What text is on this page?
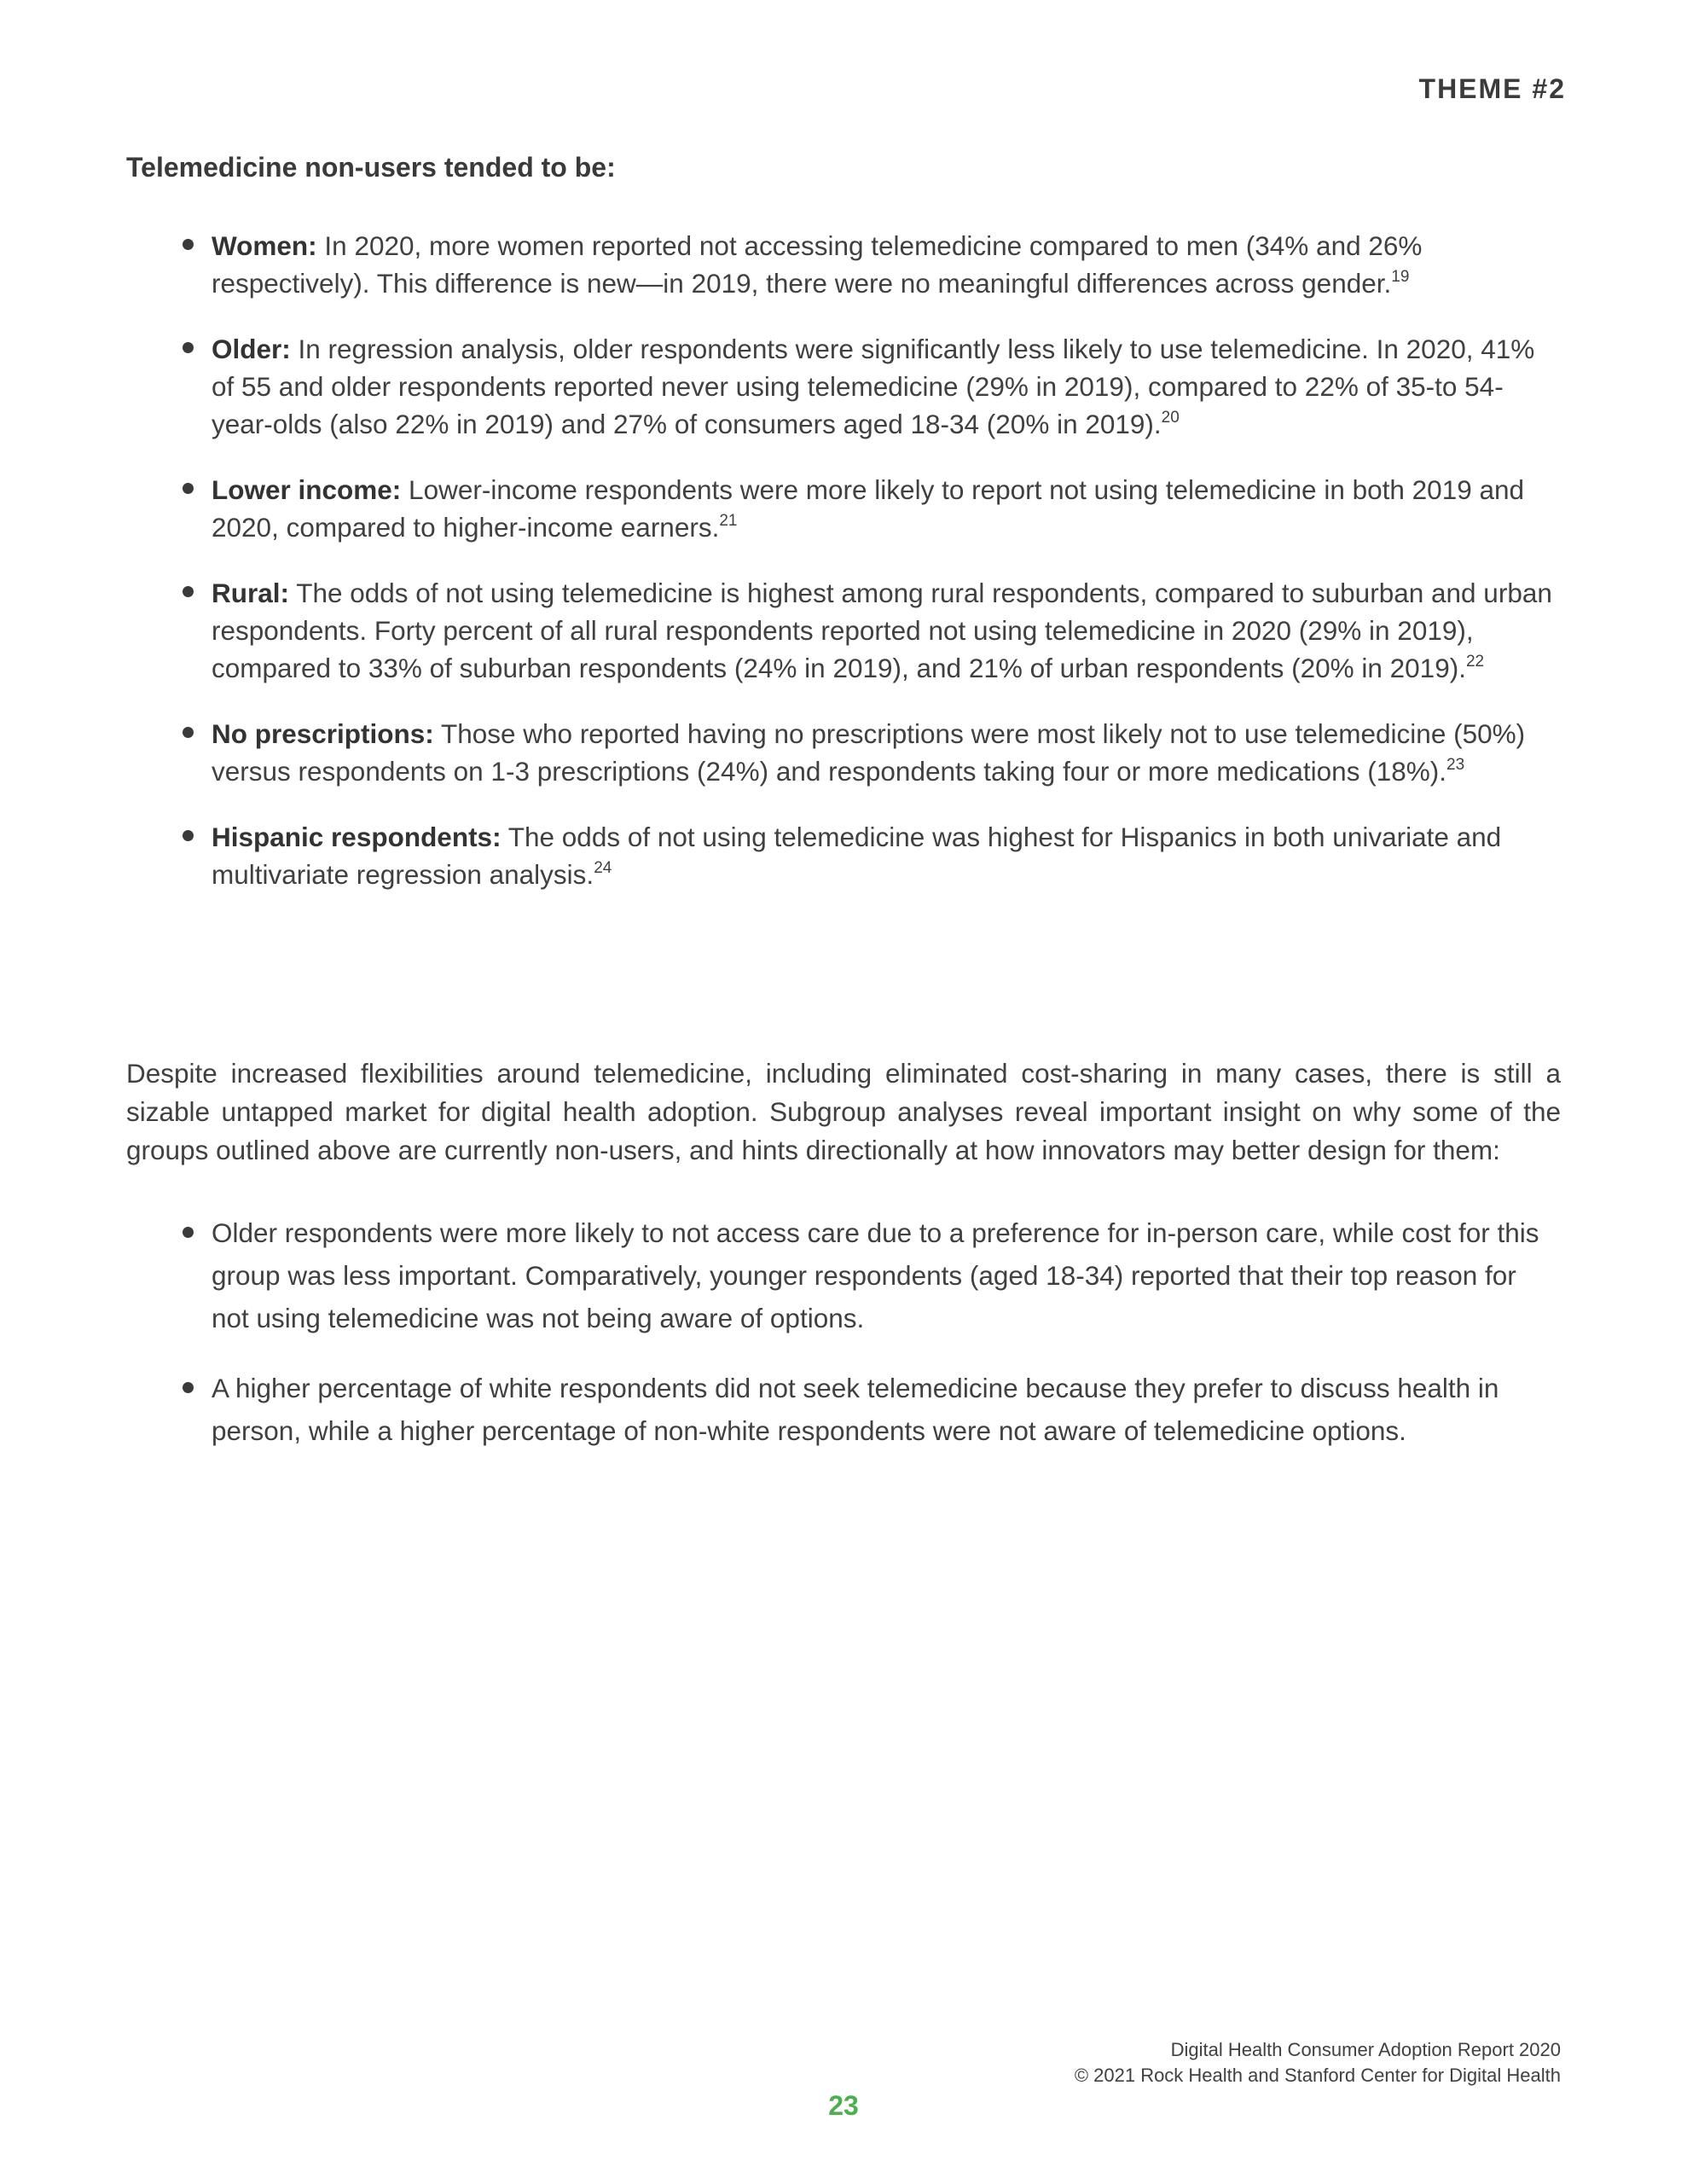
THEME #2
Telemedicine non-users tended to be:
Women: In 2020, more women reported not accessing telemedicine compared to men (34% and 26% respectively). This difference is new—in 2019, there were no meaningful differences across gender.$^{19}$
Older: In regression analysis, older respondents were significantly less likely to use telemedicine. In 2020, 41% of 55 and older respondents reported never using telemedicine (29% in 2019), compared to 22% of 35-to 54-year-olds (also 22% in 2019) and 27% of consumers aged 18-34 (20% in 2019).$^{20}$
Lower income: Lower-income respondents were more likely to report not using telemedicine in both 2019 and 2020, compared to higher-income earners.$^{21}$
Rural: The odds of not using telemedicine is highest among rural respondents, compared to suburban and urban respondents. Forty percent of all rural respondents reported not using telemedicine in 2020 (29% in 2019), compared to 33% of suburban respondents (24% in 2019), and 21% of urban respondents (20% in 2019).$^{22}$
No prescriptions: Those who reported having no prescriptions were most likely not to use telemedicine (50%) versus respondents on 1-3 prescriptions (24%) and respondents taking four or more medications (18%).$^{23}$
Hispanic respondents: The odds of not using telemedicine was highest for Hispanics in both univariate and multivariate regression analysis.$^{24}$
Despite increased flexibilities around telemedicine, including eliminated cost-sharing in many cases, there is still a sizable untapped market for digital health adoption. Subgroup analyses reveal important insight on why some of the groups outlined above are currently non-users, and hints directionally at how innovators may better design for them:
Older respondents were more likely to not access care due to a preference for in-person care, while cost for this group was less important. Comparatively, younger respondents (aged 18-34) reported that their top reason for not using telemedicine was not being aware of options.
A higher percentage of white respondents did not seek telemedicine because they prefer to discuss health in person, while a higher percentage of non-white respondents were not aware of telemedicine options.
Digital Health Consumer Adoption Report 2020
© 2021 Rock Health and Stanford Center for Digital Health
23
